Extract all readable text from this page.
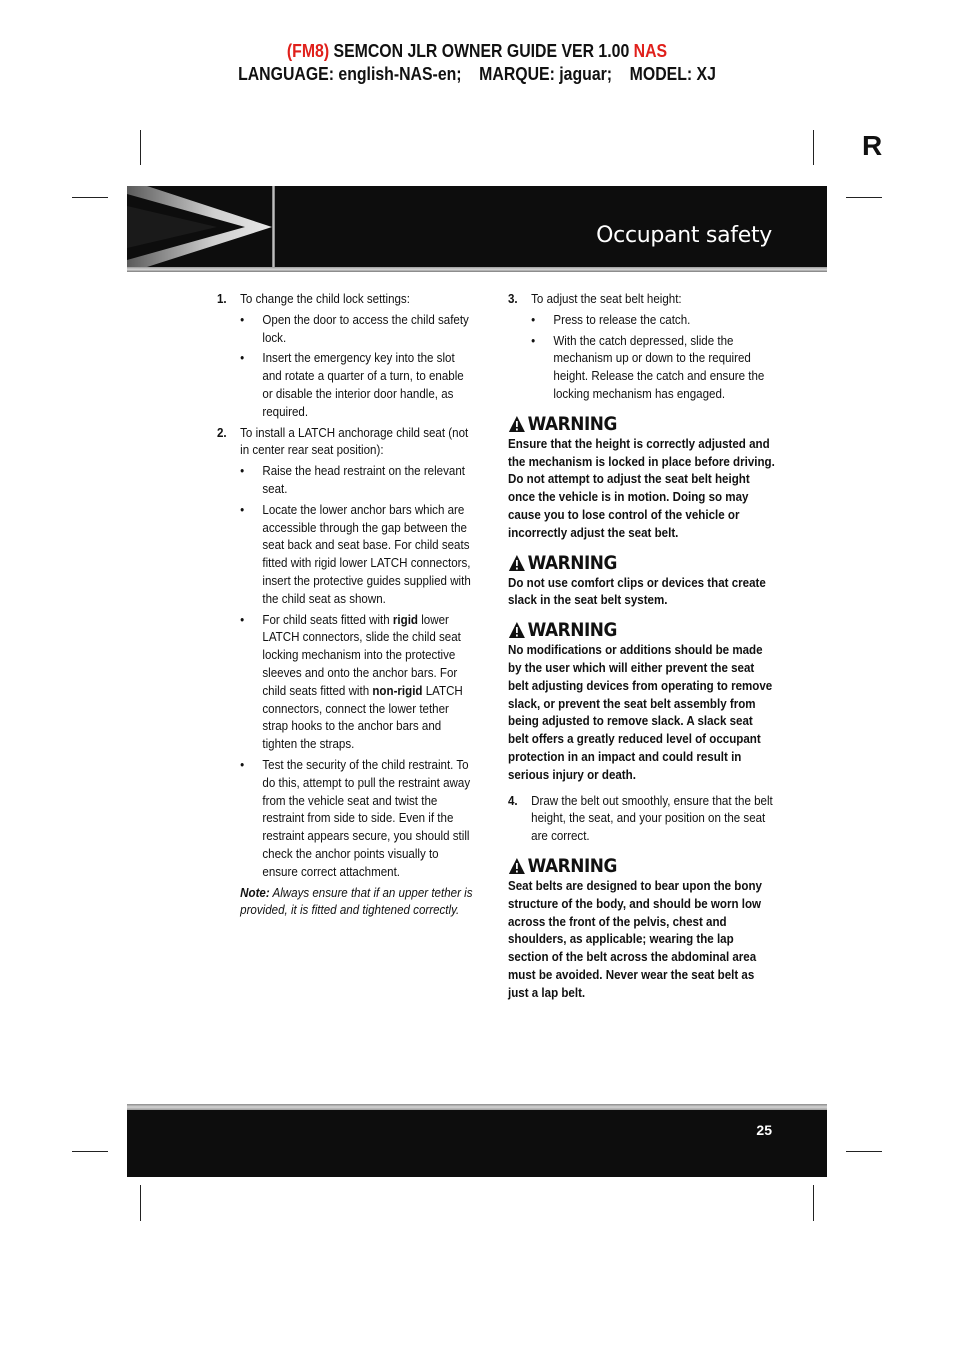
(FM8) SEMCON JLR OWNER GUIDE VER 1.00 NAS
LANGUAGE: english-NAS-en;    MARQUE: jaguar;    MODEL: XJ
R
Occupant safety
1. To change the child lock settings:
• Open the door to access the child safety lock.
• Insert the emergency key into the slot and rotate a quarter of a turn, to enable or disable the interior door handle, as required.
2. To install a LATCH anchorage child seat (not in center rear seat position):
• Raise the head restraint on the relevant seat.
• Locate the lower anchor bars which are accessible through the gap between the seat back and seat base. For child seats fitted with rigid lower LATCH connectors, insert the protective guides supplied with the child seat as shown.
• For child seats fitted with rigid lower LATCH connectors, slide the child seat locking mechanism into the protective sleeves and onto the anchor bars. For child seats fitted with non-rigid LATCH connectors, connect the lower tether strap hooks to the anchor bars and tighten the straps.
• Test the security of the child restraint. To do this, attempt to pull the restraint away from the vehicle seat and twist the restraint from side to side. Even if the restraint appears secure, you should still check the anchor points visually to ensure correct attachment.
Note: Always ensure that if an upper tether is provided, it is fitted and tightened correctly.
3. To adjust the seat belt height:
• Press to release the catch.
• With the catch depressed, slide the mechanism up or down to the required height. Release the catch and ensure the locking mechanism has engaged.
WARNING
Ensure that the height is correctly adjusted and the mechanism is locked in place before driving. Do not attempt to adjust the seat belt height once the vehicle is in motion. Doing so may cause you to lose control of the vehicle or incorrectly adjust the seat belt.
WARNING
Do not use comfort clips or devices that create slack in the seat belt system.
WARNING
No modifications or additions should be made by the user which will either prevent the seat belt adjusting devices from operating to remove slack, or prevent the seat belt assembly from being adjusted to remove slack. A slack seat belt offers a greatly reduced level of occupant protection in an impact and could result in serious injury or death.
4. Draw the belt out smoothly, ensure that the belt height, the seat, and your position on the seat are correct.
WARNING
Seat belts are designed to bear upon the bony structure of the body, and should be worn low across the front of the pelvis, chest and shoulders, as applicable; wearing the lap section of the belt across the abdominal area must be avoided. Never wear the seat belt as just a lap belt.
25
